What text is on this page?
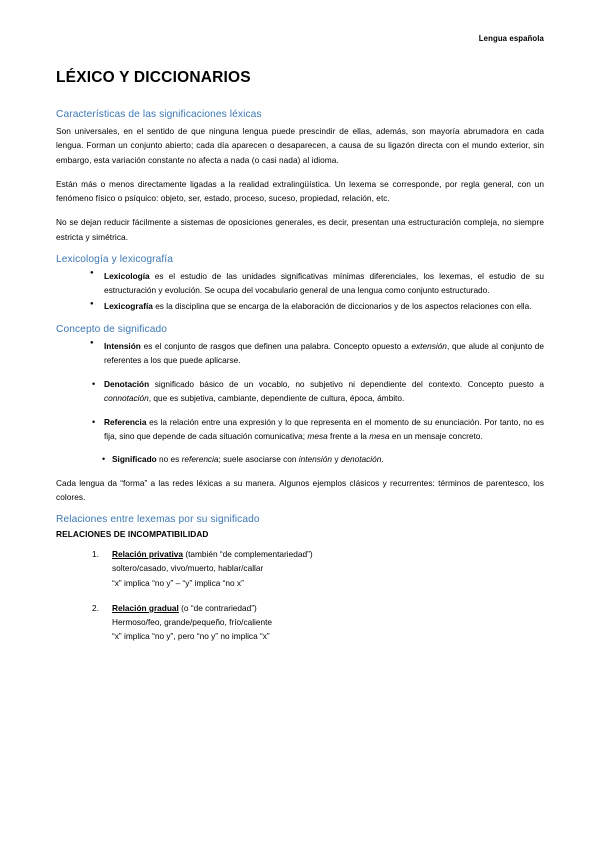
Lengua española
LÉXICO Y DICCIONARIOS
Características de las significaciones léxicas

Son universales, en el sentido de que ninguna lengua puede prescindir de ellas, además, son mayoría abrumadora en cada lengua. Forman un conjunto abierto; cada día aparecen o desaparecen, a causa de su ligazón directa con el mundo exterior, sin embargo, esta variación constante no afecta a nada (o casi nada) al idioma.

Están más o menos directamente ligadas a la realidad extralingüística. Un lexema se corresponde, por regla general, con un fenómeno físico o psíquico: objeto, ser, estado, proceso, suceso, propiedad, relación, etc.

No se dejan reducir fácilmente a sistemas de oposiciones generales, es decir, presentan una estructuración compleja, no siempre estricta y simétrica.

Lexicología y lexicografía
● Lexicología es el estudio de las unidades significativas mínimas diferenciales, los lexemas, el estudio de su estructuración y evolución. Se ocupa del vocabulario general de una lengua como conjunto estructurado.
● Lexicografía es la disciplina que se encarga de la elaboración de diccionarios y de los aspectos relaciones con ella.
Concepto de significado
● Intensión es el conjunto de rasgos que definen una palabra. Concepto opuesto a extensión, que alude al conjunto de referentes a los que puede aplicarse.
• Denotación significado básico de un vocablo, no subjetivo ni dependiente del contexto. Concepto puesto a connotación, que es subjetiva, cambiante, dependiente de cultura, época, ámbito.
• Referencia es la relación entre una expresión y lo que representa en el momento de su enunciación. Por tanto, no es fija, sino que depende de cada situación comunicativa; mesa frente a la mesa en un mensaje concreto.
• Significado no es referencia; suele asociarse con intensión y denotación.

Cada lengua da “forma” a las redes léxicas a su manera. Algunos ejemplos clásicos y recurrentes: términos de parentesco, los colores.

Relaciones entre lexemas por su significado
RELACIONES DE INCOMPATIBILIDAD
Relación privativa (también “de complementariedad”)
soltero/casado, vivo/muerto, hablar/callar
“x” implica “no y” – “y” implica “no x”
Relación gradual (o “de contrariedad”)
Hermoso/feo, grande/pequeño, frío/caliente
“x” implica “no y”, pero “no y” no implica “x”
